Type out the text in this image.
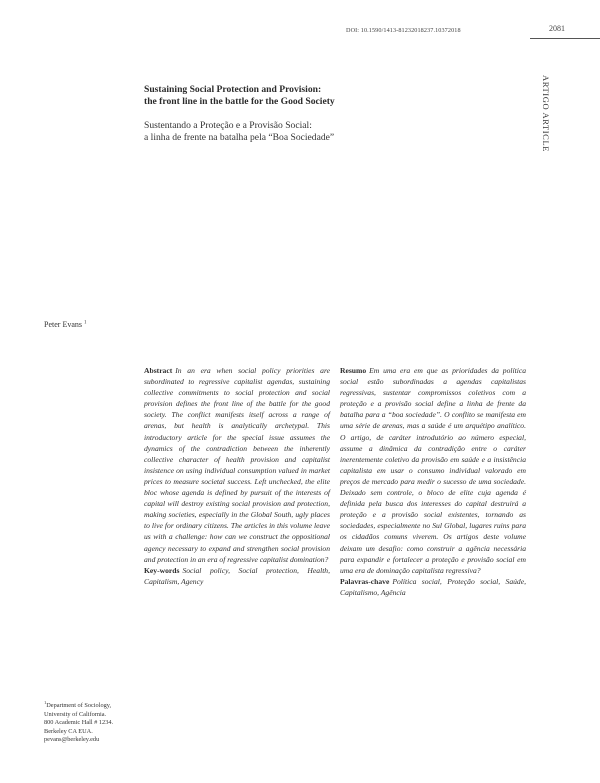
DOI: 10.1590/1413-81232018237.10372018	2081
ARTIGO ARTICLE
Sustaining Social Protection and Provision:
the front line in the battle for the Good Society
Sustentando a Proteção e a Provisão Social:
a linha de frente na batalha pela “Boa Sociedade”
Peter Evans $^1$
Abstract In an era when social policy priorities are subordinated to regressive capitalist agendas, sustaining collective commitments to social protection and social provision defines the front line of the battle for the good society. The conflict manifests itself across a range of arenas, but health is analytically archetypal. This introductory article for the special issue assumes the dynamics of the contradiction between the inherently collective character of health provision and capitalist insistence on using individual consumption valued in market prices to measure societal success. Left unchecked, the elite bloc whose agenda is defined by pursuit of the interests of capital will destroy existing social provision and protection, making societies, especially in the Global South, ugly places to live for ordinary citizens. The articles in this volume leave us with a challenge: how can we construct the oppositional agency necessary to expand and strengthen social provision and protection in an era of regressive capitalist domination?
Key-words Social policy, Social protection, Health, Capitalism, Agency
Resumo Em uma era em que as prioridades da política social estão subordinadas a agendas capitalistas regressivas, sustentar compromissos coletivos com a proteção e a provisão social define a linha de frente da batalha para a “boa sociedade”. O conflito se manifesta em uma série de arenas, mas a saúde é um arquétipo analítico. O artigo, de caráter introdutório ao número especial, assume a dinâmica da contradição entre o caráter inerentemente coletivo da provisão em saúde e a insistência capitalista em usar o consumo individual valorado em preços de mercado para medir o sucesso de uma sociedade. Deixado sem controle, o bloco de elite cuja agenda é definida pela busca dos interesses do capital destruirá a proteção e a provisão social existentes, tornando as sociedades, especialmente no Sul Global, lugares ruins para os cidadãos comuns viverem. Os artigos deste volume deixam um desafio: como construir a agência necessária para expandir e fortalecer a proteção e provisão social em uma era de dominação capitalista regressiva?
Palavras-chave Política social, Proteção social, Saúde, Capitalismo, Agência
$^1$Department of Sociology,
University of California.
800 Academic Hall # 1234.
Berkeley CA EUA.
pevans@berkeley.edu
